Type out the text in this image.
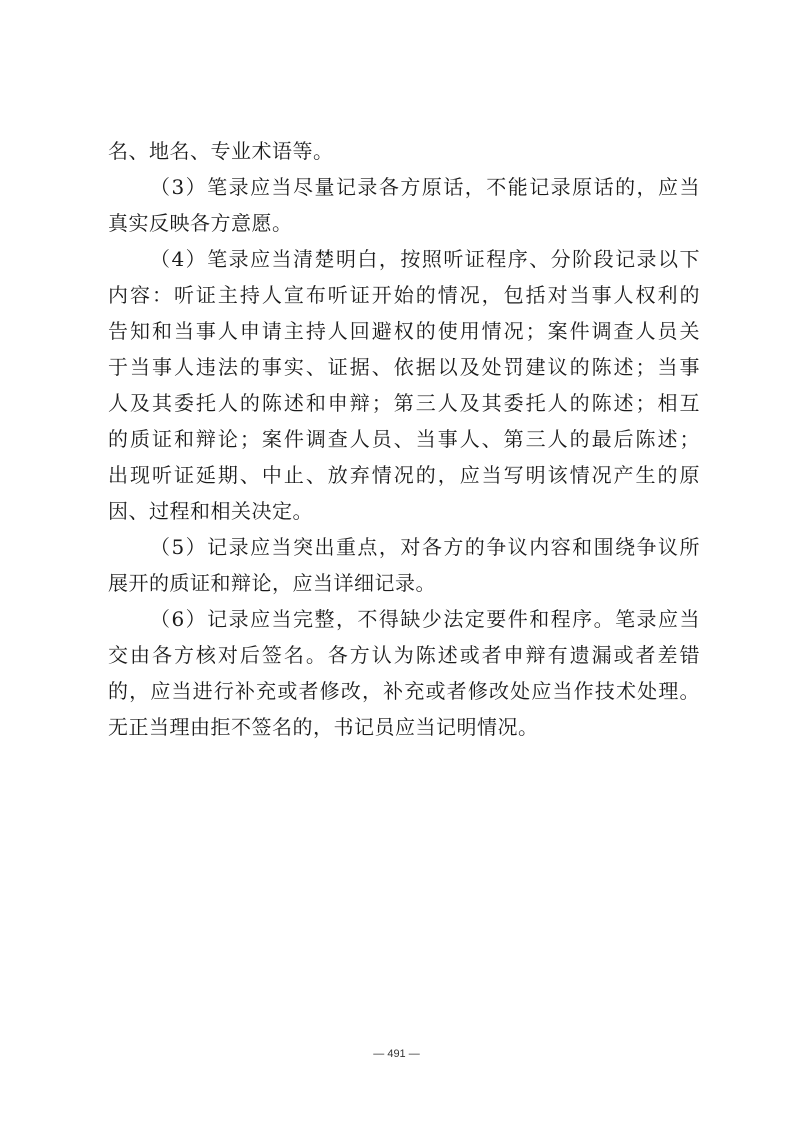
名、地名、专业术语等。
（3）笔录应当尽量记录各方原话，不能记录原话的，应当
真实反映各方意愿。
（4）笔录应当清楚明白，按照听证程序、分阶段记录以下
内容：听证主持人宣布听证开始的情况，包括对当事人权利的
告知和当事人申请主持人回避权的使用情况；案件调查人员关
于当事人违法的事实、证据、依据以及处罚建议的陈述；当事
人及其委托人的陈述和申辩；第三人及其委托人的陈述；相互
的质证和辩论；案件调查人员、当事人、第三人的最后陈述；
出现听证延期、中止、放弃情况的，应当写明该情况产生的原
因、过程和相关决定。
（5）记录应当突出重点，对各方的争议内容和围绕争议所
展开的质证和辩论，应当详细记录。
（6）记录应当完整，不得缺少法定要件和程序。笔录应当
交由各方核对后签名。各方认为陈述或者申辩有遗漏或者差错
的，应当进行补充或者修改，补充或者修改处应当作技术处理。
无正当理由拒不签名的，书记员应当记明情况。
— 491 —
